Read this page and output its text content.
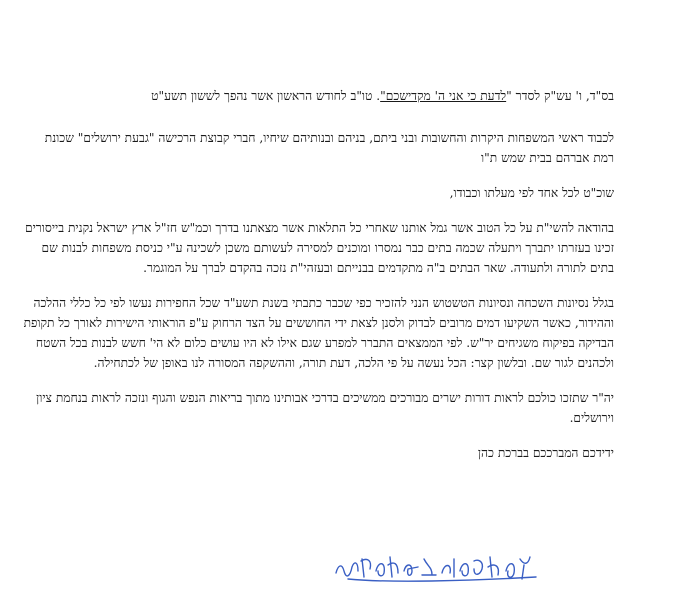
בס"ד, ו' עש"ק לסדר "לדעת כי אני ה' מקדישכם". טו"ב לחודש הראשון אשר נהפך לששון תשע"ט

לכבוד ראשי המשפחות היקרות והחשובות ובני ביתם, בניהם ובנותיהם שיחיו, חברי קבוצת הרכישה "גבעת ירושלים" שכונת רמת אברהם בבית שמש ת"ו

שוכ"ט לכל אחד לפי מעלתו וכבודו,

בהודאה להשי"ת על כל הטוב אשר גמל אותנו שאחרי כל התלאות אשר מצאתנו בדרך וכמ"ש חז"ל ארץ ישראל נקנית בייסורים זכינו בעזרתו יתברך ויתעלה שכמה בתים כבר נמסרו ומוכנים למסירה לעשותם משכן לשכינה ע"י כניסת משפחות לבנות שם בתים לתורה ולתעודה. שאר הבתים ב"ה מתקדמים בבנייתם ובעזהי"ת נזכה בהקדם לברך על המוגמר.

בגלל נסיונות השכחה ונסיונות הטשטוש הנני להזכיר כפי שכבר כתבתי בשנת תשע"ד שכל החפירות נעשו לפי כל כללי ההלכה וההידור, כאשר השקיעו דמים מרובים לבדוק ולסנן לצאת ידי החוששים על הצד הרחוק ע"פ הוראותי הישירות לאורך כל תקופת הבדיקה בפיקוח משגיחים יר"ש. לפי הממצאים התברר למפרע שגם אילו לא היו עושים כלום לא הי' חשש לבנות בכל השטח ולכהנים לגור שם. ובלשון קצר: הכל נעשה על פי הלכה, דעת תורה, וההשקפה המסורה לנו באופן של לכתחילה.

יה"ר שתזכו כולכם לראות דורות ישרים מבורכים ממשיכים בדרכי אבותינו מתוך בריאות הנפש והגוף ונזכה לראות בנחמת ציון וירושלים.

ידידכם המברככם בברכת כהן
